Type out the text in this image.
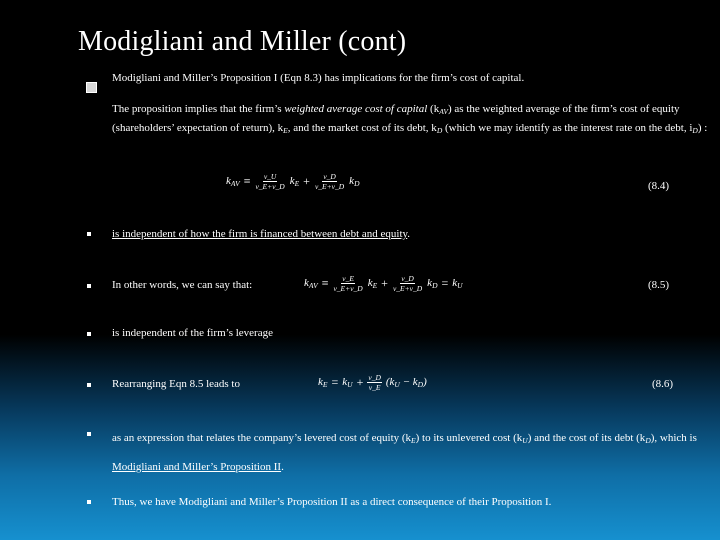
Modigliani and Miller (cont)
Modigliani and Miller’s Proposition I (Eqn 8.3) has implications for the firm’s cost of capital.
The proposition implies that the firm’s weighted average cost of capital $(k_{AV})$ as the weighted average of the firm’s cost of equity (shareholders’ expectation of return), $k_E$, and the market cost of its debt, $k_D$ (which we may identify as the interest rate on the debt, $i_D$) :
$k_{AV} \equiv \frac{v\_U}{v\_E+v\_D} k_E + \frac{v\_D}{v\_E+v\_D} k_D$	(8.4)
is independent of how the firm is financed between debt and equity.
In other words, we can say that:	$k_{AV} \equiv \frac{v\_E}{v\_E+v\_D} k_E + \frac{v\_D}{v\_E+v\_D} k_D = k_U$	(8.5)
is independent of the firm’s leverage
Rearranging Eqn 8.5 leads to	$k_E = k_U + \frac{v\_D}{v\_E} (k_U - k_D)$	(8.6)
as an expression that relates the company’s levered cost of equity $(k_E)$ to its unlevered cost $(k_U)$ and the cost of its debt $(k_D)$, which is Modigliani and Miller’s Proposition II.
Thus, we have Modigliani and Miller’s Proposition II as a direct consequence of their Proposition I.
